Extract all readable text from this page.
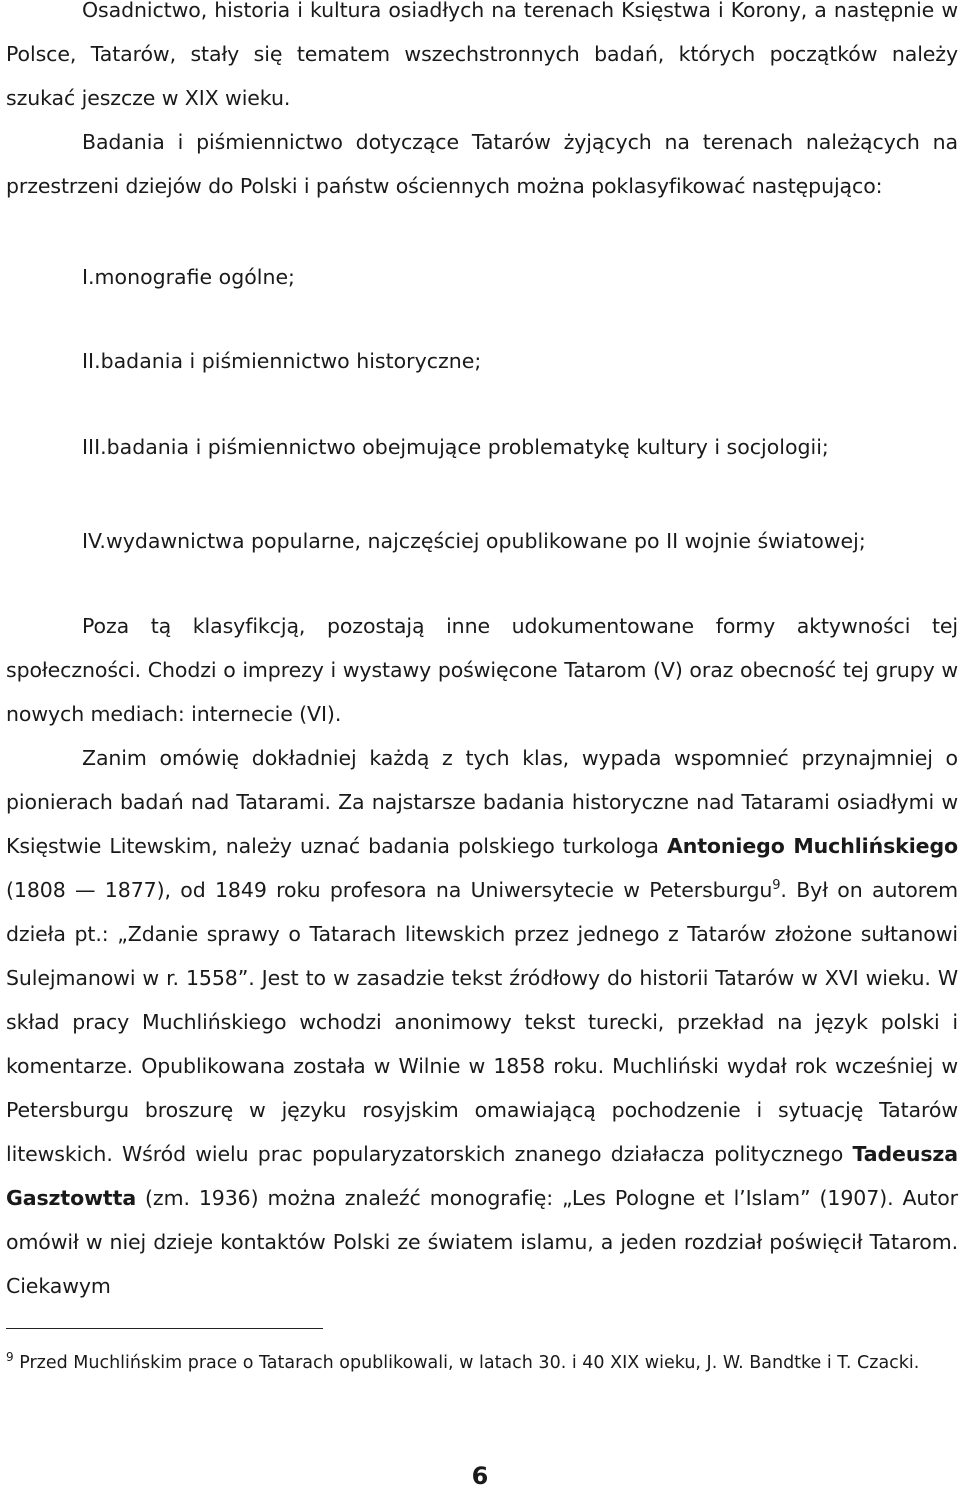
Osadnictwo, historia i kultura osiadłych na terenach Księstwa i Korony, a następnie w Polsce, Tatarów, stały się tematem wszechstronnych badań, których początków należy szukać jeszcze w XIX wieku.

Badania i piśmiennictwo dotyczące Tatarów żyjących na terenach należących na przestrzeni dziejów do Polski i państw ościennych można poklasyfikować następująco:

I.monografie ogólne;
II.badania i piśmiennictwo historyczne;
III.badania i piśmiennictwo obejmujące problematykę kultury i socjologii;
IV.wydawnictwa popularne, najczęściej opublikowane po II wojnie światowej;

Poza tą klasyfikcją, pozostają inne udokumentowane formy aktywności tej społeczności. Chodzi o imprezy i wystawy poświęcone Tatarom (V) oraz obecność tej grupy w nowych mediach: internecie (VI).

Zanim omówię dokładniej każdą z tych klas, wypada wspomnieć przynajmniej o pionierach badań nad Tatarami. Za najstarsze badania historyczne nad Tatarami osiadłymi w Księstwie Litewskim, należy uznać badania polskiego turkologa Antoniego Muchlińskiego (1808 — 1877), od 1849 roku profesora na Uniwersytecie w Petersburgu$^9$. Był on autorem dzieła pt.: „Zdanie sprawy o Tatarach litewskich przez jednego z Tatarów złożone sułtanowi Sulejmanowi w r. 1558”. Jest to w zasadzie tekst źródłowy do historii Tatarów w XVI wieku. W skład pracy Muchlińskiego wchodzi anonimowy tekst turecki, przekład na język polski i komentarze. Opublikowana została w Wilnie w 1858 roku. Muchliński wydał rok wcześniej w Petersburgu broszurę w języku rosyjskim omawiającą pochodzenie i sytuację Tatarów litewskich. Wśród wielu prac popularyzatorskich znanego działacza politycznego Tadeusza Gasztowtta (zm. 1936) można znaleźć monografię: „Les Pologne et l’Islam” (1907). Autor omówił w niej dzieje kontaktów Polski ze światem islamu, a jeden rozdział poświęcił Tatarom. Ciekawym

$^9$ Przed Muchlińskim prace o Tatarach opublikowali, w latach 30. i 40 XIX wieku, J. W. Bandtke i T. Czacki.

6
